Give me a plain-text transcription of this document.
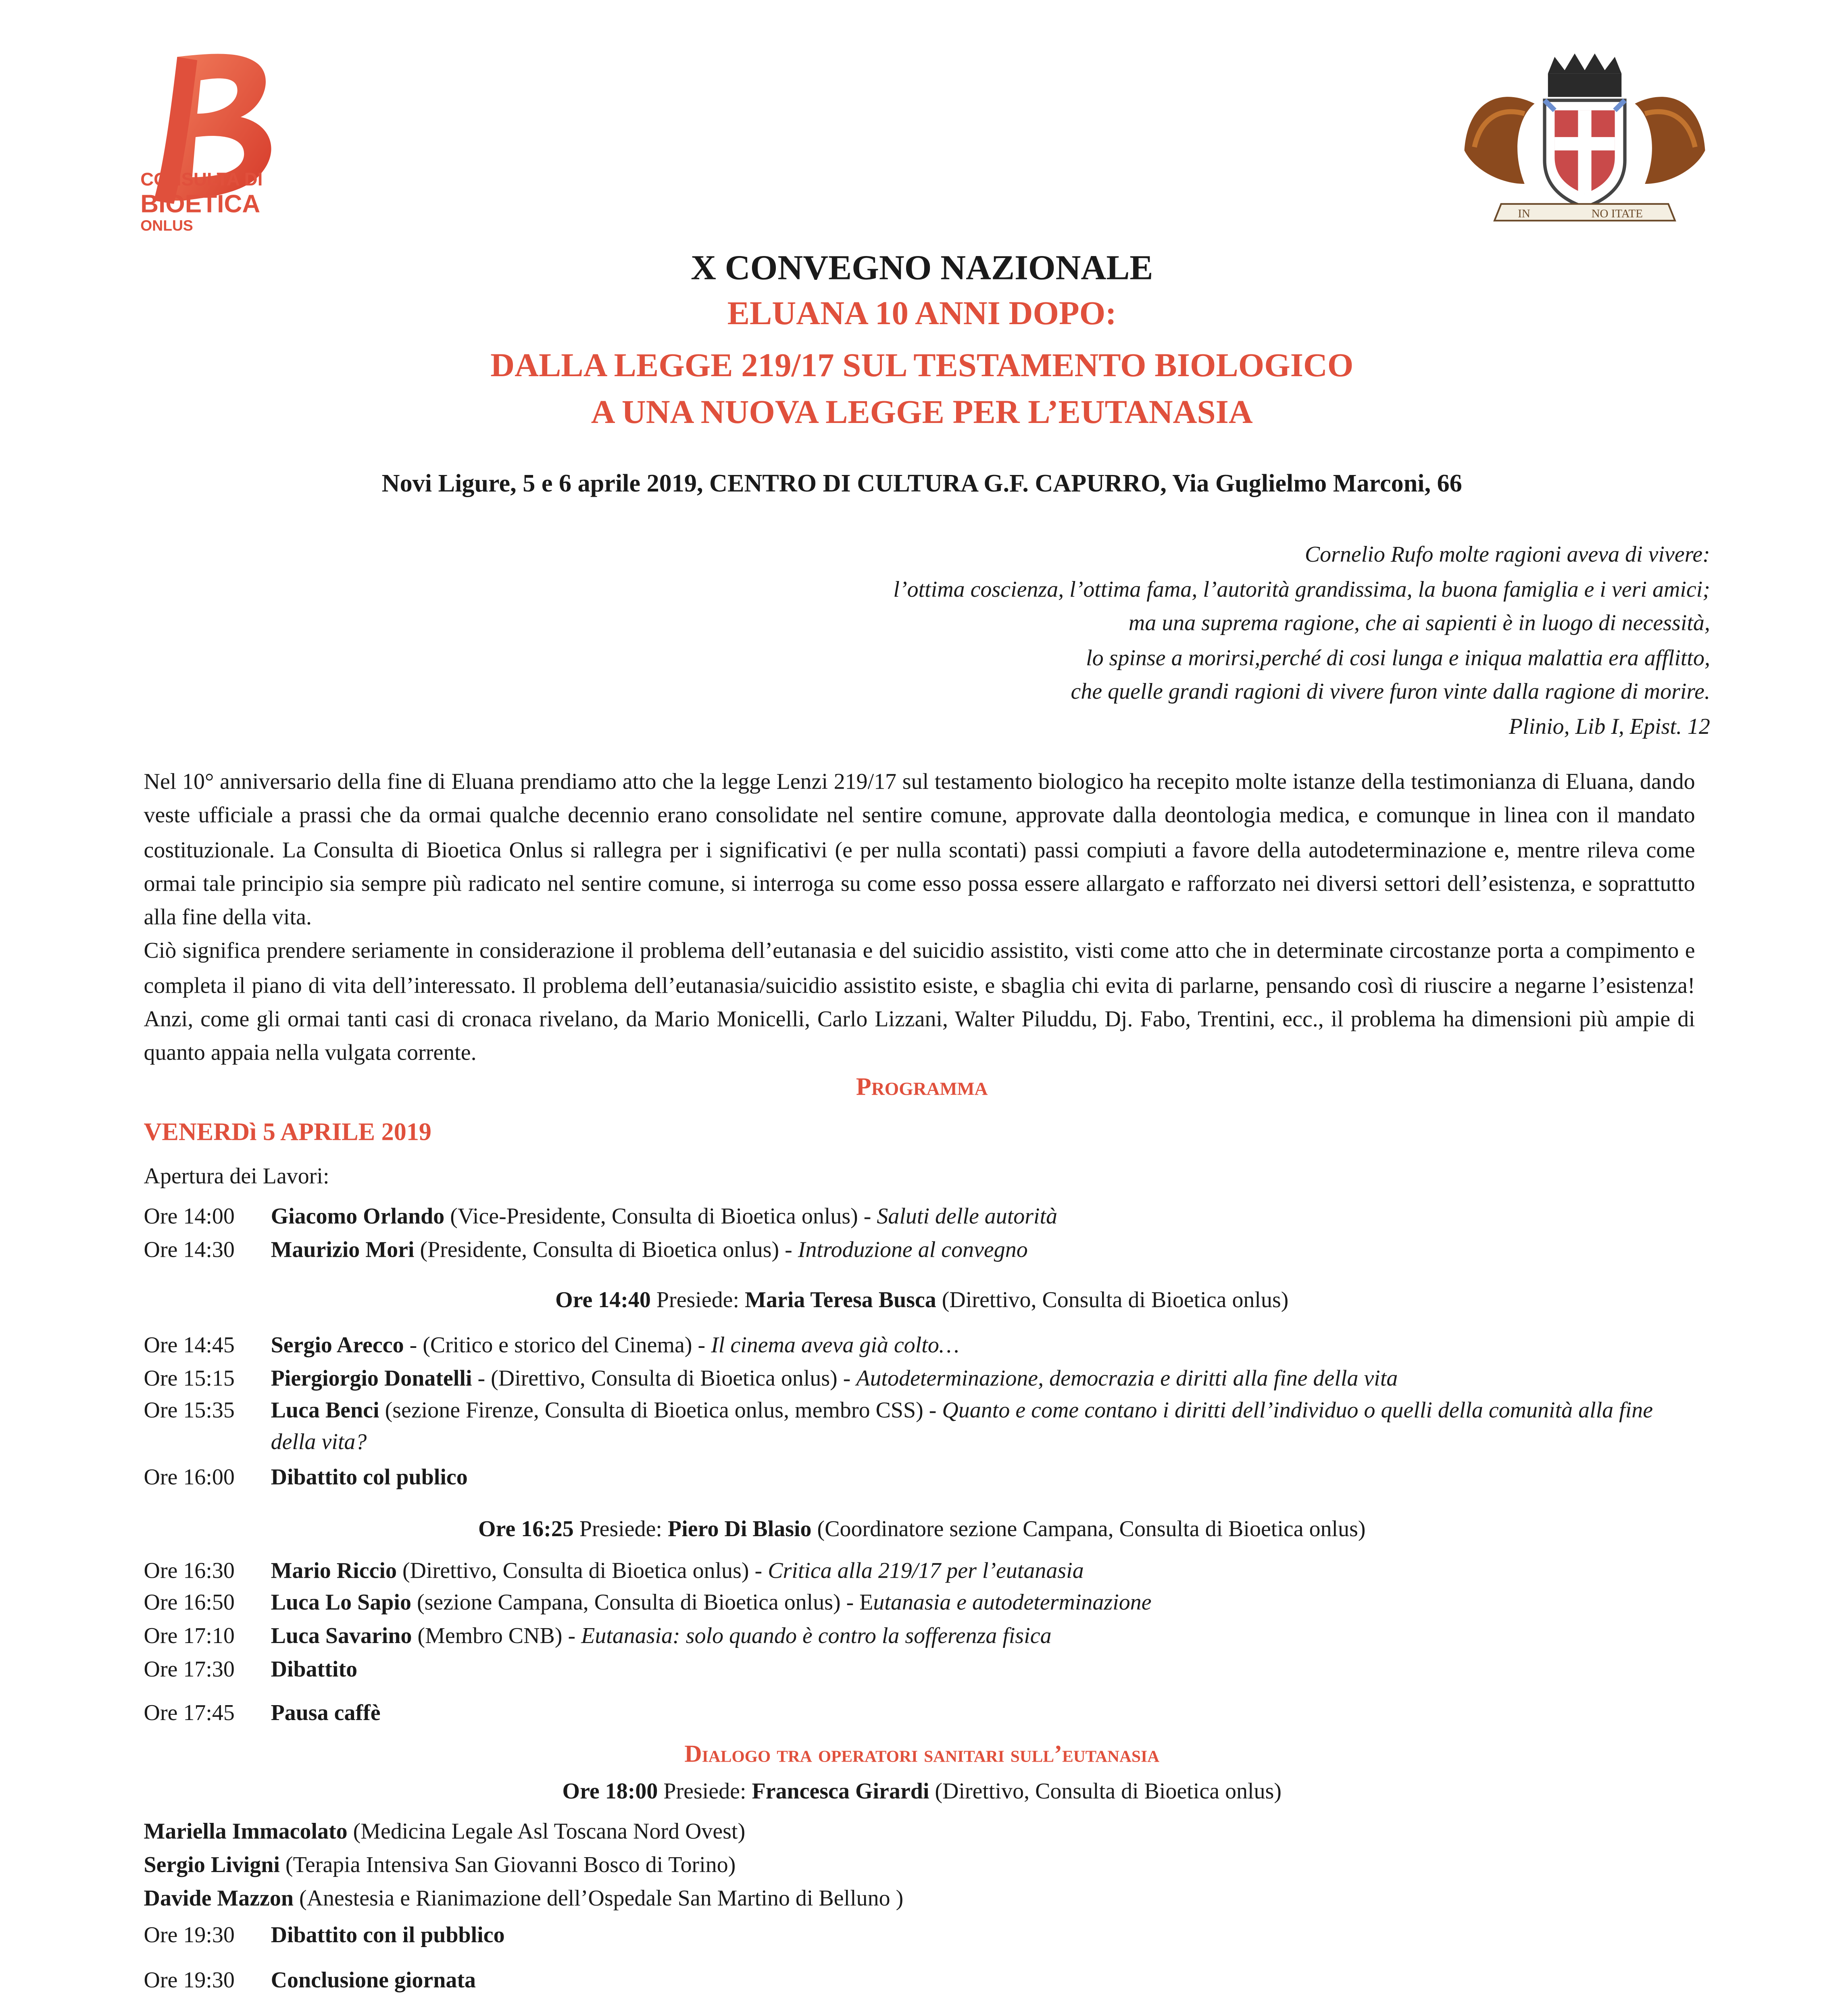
CONSULTA DI
BIOETICA
ONLUS
IN	NO ITATE
X CONVEGNO NAZIONALE
ELUANA 10 ANNI DOPO:
DALLA LEGGE 219/17 SUL TESTAMENTO BIOLOGICO
A UNA NUOVA LEGGE PER L’EUTANASIA
Novi Ligure, 5 e 6 aprile 2019, CENTRO DI CULTURA G.F. CAPURRO, Via Guglielmo Marconi, 66
Cornelio Rufo molte ragioni aveva di vivere:
l’ottima coscienza, l’ottima fama, l’autorità grandissima, la buona famiglia e i veri amici;
ma una suprema ragione, che ai sapienti è in luogo di necessità,
lo spinse a morirsi,perché di cosi lunga e iniqua malattia era afflitto,
che quelle grandi ragioni di vivere furon vinte dalla ragione di morire.
Plinio, Lib I, Epist. 12

Nel 10° anniversario della fine di Eluana prendiamo atto che la legge Lenzi 219/17 sul testamento biologico ha recepito molte istanze della testimonianza di Eluana, dando veste ufficiale a prassi che da ormai qualche decennio erano consolidate nel sentire comune, approvate dalla deontologia medica, e comunque in linea con il mandato costituzionale. La Consulta di Bioetica Onlus si rallegra per i significativi (e per nulla scontati) passi compiuti a favore della autodeterminazione e, mentre rileva come ormai tale principio sia sempre più radicato nel sentire comune, si interroga su come esso possa essere allargato e rafforzato nei diversi settori dell’esistenza, e soprattutto alla fine della vita.

Ciò significa prendere seriamente in considerazione il problema dell’eutanasia e del suicidio assistito, visti come atto che in determinate circostanze porta a compimento e completa il piano di vita dell’interessato. Il problema dell’eutanasia/suicidio assistito esiste, e sbaglia chi evita di parlarne, pensando così di riuscire a negarne l’esistenza! Anzi, come gli ormai tanti casi di cronaca rivelano, da Mario Monicelli, Carlo Lizzani, Walter Piluddu, Dj. Fabo, Trentini, ecc., il problema ha dimensioni più ampie di quanto appaia nella vulgata corrente.

Programma
VENERDì 5 APRILE 2019
Apertura dei Lavori:
Ore 14:00	Giacomo Orlando (Vice-Presidente, Consulta di Bioetica onlus) - Saluti delle autorità
Ore 14:30	Maurizio Mori (Presidente, Consulta di Bioetica onlus) - Introduzione al convegno
Ore 14:40 Presiede: Maria Teresa Busca (Direttivo, Consulta di Bioetica onlus)
Ore 14:45	Sergio Arecco - (Critico e storico del Cinema) - Il cinema aveva già colto…
Ore 15:15	Piergiorgio Donatelli - (Direttivo, Consulta di Bioetica onlus) - Autodeterminazione, democrazia e diritti alla fine della vita
Ore 15:35	Luca Benci (sezione Firenze, Consulta di Bioetica onlus, membro CSS) - Quanto e come contano i diritti dell’individuo o quelli della comunità alla fine della vita?
Ore 16:00	Dibattito col publico
Ore 16:25 Presiede: Piero Di Blasio (Coordinatore sezione Campana, Consulta di Bioetica onlus)
Ore 16:30	Mario Riccio (Direttivo, Consulta di Bioetica onlus) - Critica alla 219/17 per l’eutanasia
Ore 16:50	Luca Lo Sapio (sezione Campana, Consulta di Bioetica onlus) - Eutanasia e autodeterminazione
Ore 17:10	Luca Savarino (Membro CNB) - Eutanasia: solo quando è contro la sofferenza fisica
Ore 17:30	Dibattito
Ore 17:45	Pausa caffè
Dialogo tra operatori sanitari sull’eutanasia
Ore 18:00 Presiede: Francesca Girardi (Direttivo, Consulta di Bioetica onlus)
Mariella Immacolato (Medicina Legale Asl Toscana Nord Ovest)
Sergio Livigni (Terapia Intensiva San Giovanni Bosco di Torino)
Davide Mazzon (Anestesia e Rianimazione dell’Ospedale San Martino di Belluno )
Ore 19:30	Dibattito con il pubblico
Ore 19:30	Conclusione giornata
